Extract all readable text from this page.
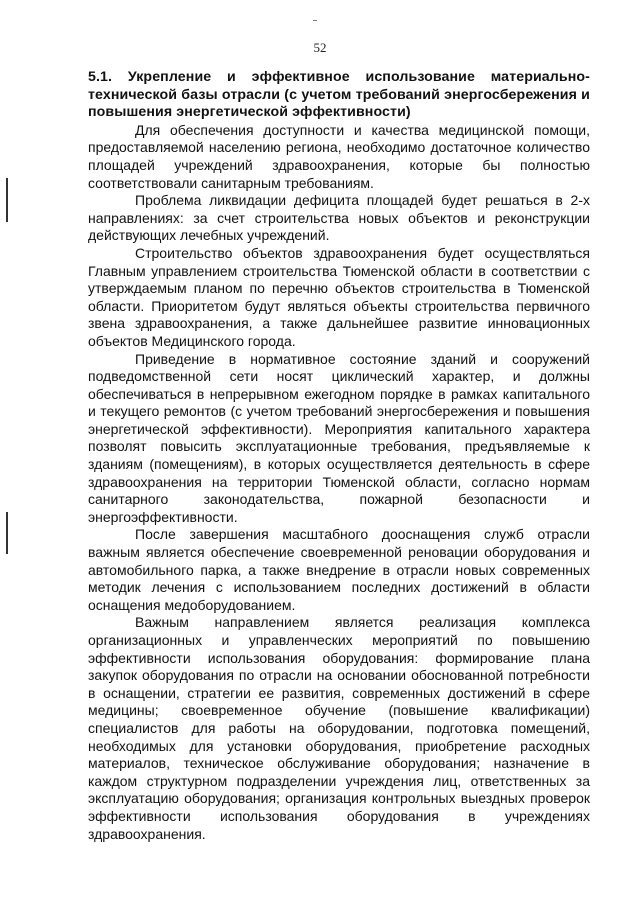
52

5.1. Укрепление и эффективное использование материально-технической базы отрасли (с учетом требований энергосбережения и повышения энергетической эффективности)

Для обеспечения доступности и качества медицинской помощи, предоставляемой населению региона, необходимо достаточное количество площадей учреждений здравоохранения, которые бы полностью соответствовали санитарным требованиям.

Проблема ликвидации дефицита площадей будет решаться в 2-х направлениях: за счет строительства новых объектов и реконструкции действующих лечебных учреждений.

Строительство объектов здравоохранения будет осуществляться Главным управлением строительства Тюменской области в соответствии с утверждаемым планом по перечню объектов строительства в Тюменской области. Приоритетом будут являться объекты строительства первичного звена здравоохранения, а также дальнейшее развитие инновационных объектов Медицинского города.

Приведение в нормативное состояние зданий и сооружений подведомственной сети носят циклический характер, и должны обеспечиваться в непрерывном ежегодном порядке в рамках капитального и текущего ремонтов (с учетом требований энергосбережения и повышения энергетической эффективности). Мероприятия капитального характера позволят повысить эксплуатационные требования, предъявляемые к зданиям (помещениям), в которых осуществляется деятельность в сфере здравоохранения на территории Тюменской области, согласно нормам санитарного законодательства, пожарной безопасности и энергоэффективности.

После завершения масштабного дооснащения служб отрасли важным является обеспечение своевременной реновации оборудования и автомобильного парка, а также внедрение в отрасли новых современных методик лечения с использованием последних достижений в области оснащения медоборудованием.

Важным направлением является реализация комплекса организационных и управленческих мероприятий по повышению эффективности использования оборудования: формирование плана закупок оборудования по отрасли на основании обоснованной потребности в оснащении, стратегии ее развития, современных достижений в сфере медицины; своевременное обучение (повышение квалификации) специалистов для работы на оборудовании, подготовка помещений, необходимых для установки оборудования, приобретение расходных материалов, техническое обслуживание оборудования; назначение в каждом структурном подразделении учреждения лиц, ответственных за эксплуатацию оборудования; организация контрольных выездных проверок эффективности использования оборудования в учреждениях здравоохранения.
